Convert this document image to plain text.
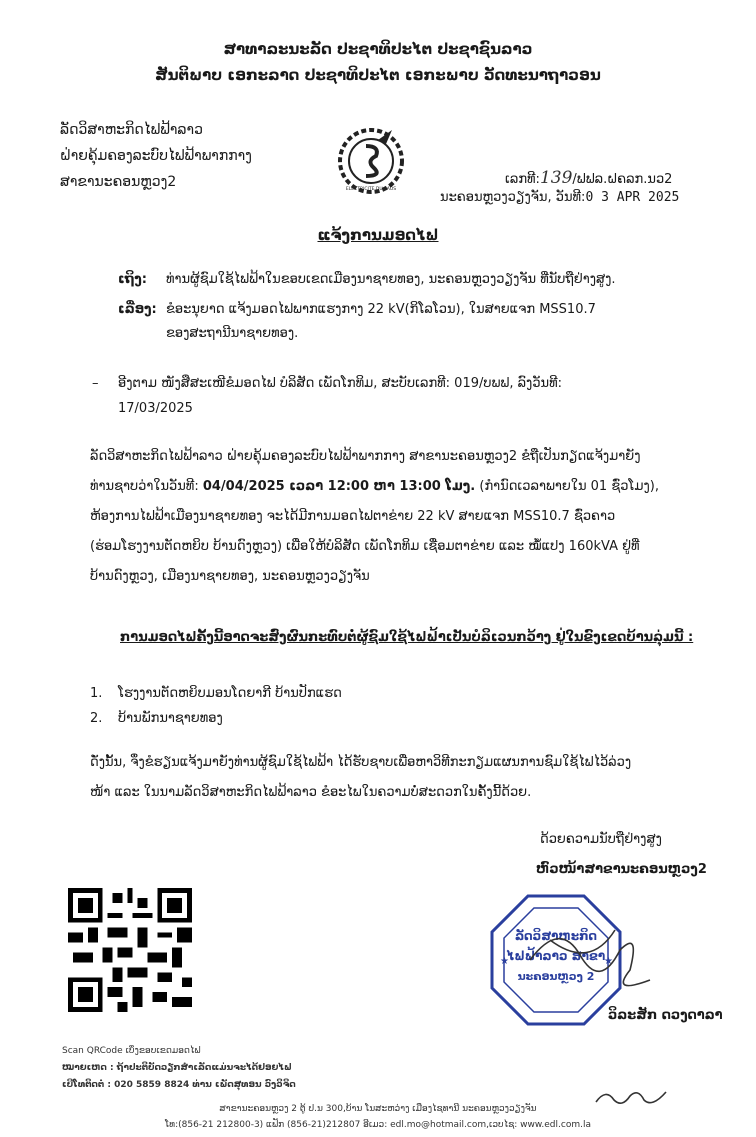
ສາທາລະນະລັດ ປະຊາທິປະໄຕ ປະຊາຊົນລາວ
ສັນຕິພາບ ເອກະລາດ ປະຊາທິປະໄຕ ເອກະພາບ ວັດທະນາຖາວອນ
ລັດວິສາຫະກິດໄຟຟ້າລາວ
ຝ່າຍຄຸ້ມຄອງລະບົບໄຟຟ້າພາກກາງ
ສາຂານະຄອນຫຼວງ2	ELECTRICITE DU LAOS
ເລກທີ:139/ຟຟລ.ຝຄລກ.ນວ2
ນະຄອນຫຼວງວຽງຈັນ, ວັນທີ:0 3 APR 2025
ແຈ້ງການມອດໄຟ
ເຖິງ: ທ່ານຜູ້ຊົມໃຊ້ໄຟຟ້າໃນຂອບເຂດເມືອງນາຊາຍທອງ, ນະຄອນຫຼວງວຽງຈັນ ທີ່ນັບຖືຢ່າງສູງ.
ເລື່ອງ: ຂໍອະນຸຍາດ ແຈ້ງມອດໄຟພາກແຮງກາງ 22 kV(ກິໂລໂວນ), ໃນສາຍແຈກ MSS10.7
ຂອງສະຖານີນາຊາຍທອງ.
– ອີງຕາມ ໜັງສືສະເໜີຂໍມອດໄຟ ບໍລິສັດ ເພັດໂກທິມ, ສະບັບເລກທີ: 019/ບພຟ, ລົງວັນທີ:
17/03/2025
ລັດວິສາຫະກິດໄຟຟ້າລາວ ຝ່າຍຄຸ້ມຄອງລະບົບໄຟຟ້າພາກກາງ ສາຂານະຄອນຫຼວງ2 ຂໍຖືເປັນກຽດແຈ້ງມາຍັງ
ທ່ານຊາບວ່າໃນວັນທີ: 04/04/2025 ເວລາ 12:00 ຫາ 13:00 ໂມງ. (ກຳນົດເວລາພາຍໃນ 01 ຊົ່ວໂມງ),
ຫ້ອງການໄຟຟ້າເມືອງນາຊາຍທອງ ຈະໄດ້ມີການມອດໄຟຕາຂ່າຍ 22 kV ສາຍແຈກ MSS10.7 ຊົ່ວຄາວ
(ຮ່ອມໂຮງງານຕັດຫຍິບ ບ້ານດົງຫຼວງ) ເພື່ອໃຫ້ບໍລິສັດ ເພັດໂກທິມ ເຊື່ອມຕາຂ່າຍ ແລະ ໝໍ້ແປງ 160kVA ຢູ່ທີ່
ບ້ານດົງຫຼວງ, ເມືອງນາຊາຍທອງ, ນະຄອນຫຼວງວຽງຈັນ
ການມອດໄຟຄັ້ງນີ້ອາດຈະສົ່ງຜົນກະທົບຕໍ່ຜູ້ຊົມໃຊ້ໄຟຟ້າເປັນບໍລິເວນກວ້າງ ຢູ່ໃນຂົງເຂດບ້ານລຸ່ມນີ້ :
1. ໂຮງງານຕັດຫຍິບມອນໂດຍາກີ ບ້ານປັກແຮດ
2. ບ້ານພັກນາຊາຍທອງ
ດັ່ງນັ້ນ, ຈຶ່ງຂໍຮຽນແຈ້ງມາຍັງທ່ານຜູ້ຊົມໃຊ້ໄຟຟ້າ ໄດ້ຮັບຊາບເພື່ອຫາວິທີກະກຽມແຜນການຊົມໃຊ້ໄຟໄວ້ລ່ວງ
ໜ້າ ແລະ ໃນນາມລັດວິສາຫະກິດໄຟຟ້າລາວ ຂໍອະໄພໃນຄວາມບໍ່ສະດວກໃນຄັ້ງນີ້ດ້ວຍ.
ດ້ວຍຄວາມນັບຖືຢ່າງສູງ
ຫົວໜ້າສາຂານະຄອນຫຼວງ2
★	★
ລັດວິສາຫະກິດ
ໄຟຟ້າລາວ ສາຂາ
ນະຄອນຫຼວງ 2
ວິລະສັກ ດວງດາລາ
Scan QRCode ເບິ່ງຂອບເຂດມອດໄຟ
ໝາຍເຫດ : ຖ້າປະຕິບັດວຽກສຳເລັດແມ່ນຈະໄດ້ຢອຍໄຟ
ເບີໂທຕິດຕໍ່ : 020 5859 8824 ທ່ານ ເພັດສຸທອນ ວົງວິຈິດ
ສາຂານະຄອນຫຼວງ 2 ຕູ້ ປ.ນ 300,ບ້ານ ໂນສະຫວ່າງ ເມືອງໄຊທານີ ນະຄອນຫຼວງວຽງຈັນ
ໂທ:(856-21 212800-3) ແຟັກ (856-21)212807 ອີເມວ: edl.mo@hotmail.com,ເວບໄຊ: www.edl.com.la
